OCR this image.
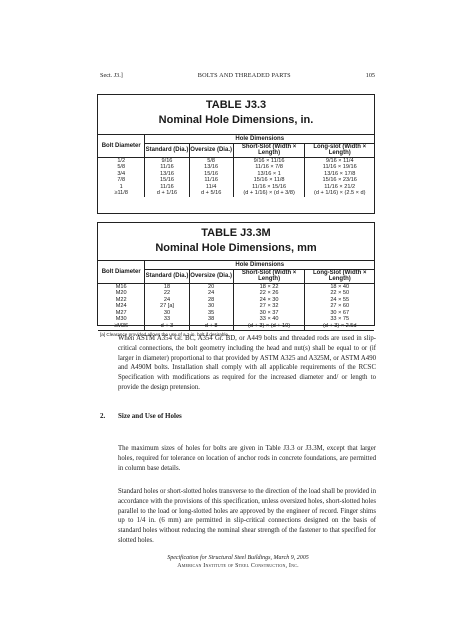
Sect. J3.]	BOLTS AND THREADED PARTS	105
TABLE J3.3
Nominal Hole Dimensions, in.
Bolt Diameter	Hole Dimensions			
	Standard (Dia.)	Oversize (Dia.)	Short-Slot (Width × Length)	Long-slot (Width × Length)
1/2	9/16	5/8	9/16 × 11/16	9/16 × 11/4
5/8	11/16	13/16	11/16 × 7/8	11/16 × 19/16
3/4	13/16	15/16	13/16 × 1	13/16 × 17/8
7/8	15/16	11/16	15/16 × 11/8	15/16 × 23/16
1	11/16	11/4	11/16 × 15/16	11/16 × 21/2
≥11/8	d + 1/16	d + 5/16	(d + 1/16) × (d + 3/8)	(d + 1/16) × (2.5 × d)
TABLE J3.3M
Nominal Hole Dimensions, mm
Bolt Diameter	Hole Dimensions			
	Standard (Dia.)	Oversize (Dia.)	Short-Slot (Width × Length)	Long-Slot (Width × Length)
M16	18	20	18 × 22	18 × 40
M20	22	24	22 × 26	22 × 50
M22	24	28	24 × 30	24 × 55
M24	27 [a]	30	27 × 32	27 × 60
M27	30	35	30 × 37	30 × 67
M30	33	38	33 × 40	33 × 75
≥M36	d + 3	d + 8	(d + 3) × (d + 10)	(d + 3) × 2.5d
[a] Clearance provided allows the use of a 1-in. bolt if desirable.

When ASTM A354 Gr. BC, A354 Gr. BD, or A449 bolts and threaded rods are used in slip-critical connections, the bolt geometry including the head and nut(s) shall be equal to or (if larger in diameter) proportional to that provided by ASTM A325 and A325M, or ASTM A490 and A490M bolts. Installation shall comply with all applicable requirements of the RCSC Specification with modifications as required for the increased diameter and/ or length to provide the design pretension.

2.	Size and Use of Holes

The maximum sizes of holes for bolts are given in Table J3.3 or J3.3M, except that larger holes, required for tolerance on location of anchor rods in concrete foundations, are permitted in column base details.

Standard holes or short-slotted holes transverse to the direction of the load shall be provided in accordance with the provisions of this specification, unless oversized holes, short-slotted holes parallel to the load or long-slotted holes are approved by the engineer of record. Finger shims up to 1/4 in. (6 mm) are permitted in slip-critical connections designed on the basis of standard holes without reducing the nominal shear strength of the fastener to that specified for slotted holes.

Specification for Structural Steel Buildings, March 9, 2005
American Institute of Steel Construction, Inc.
